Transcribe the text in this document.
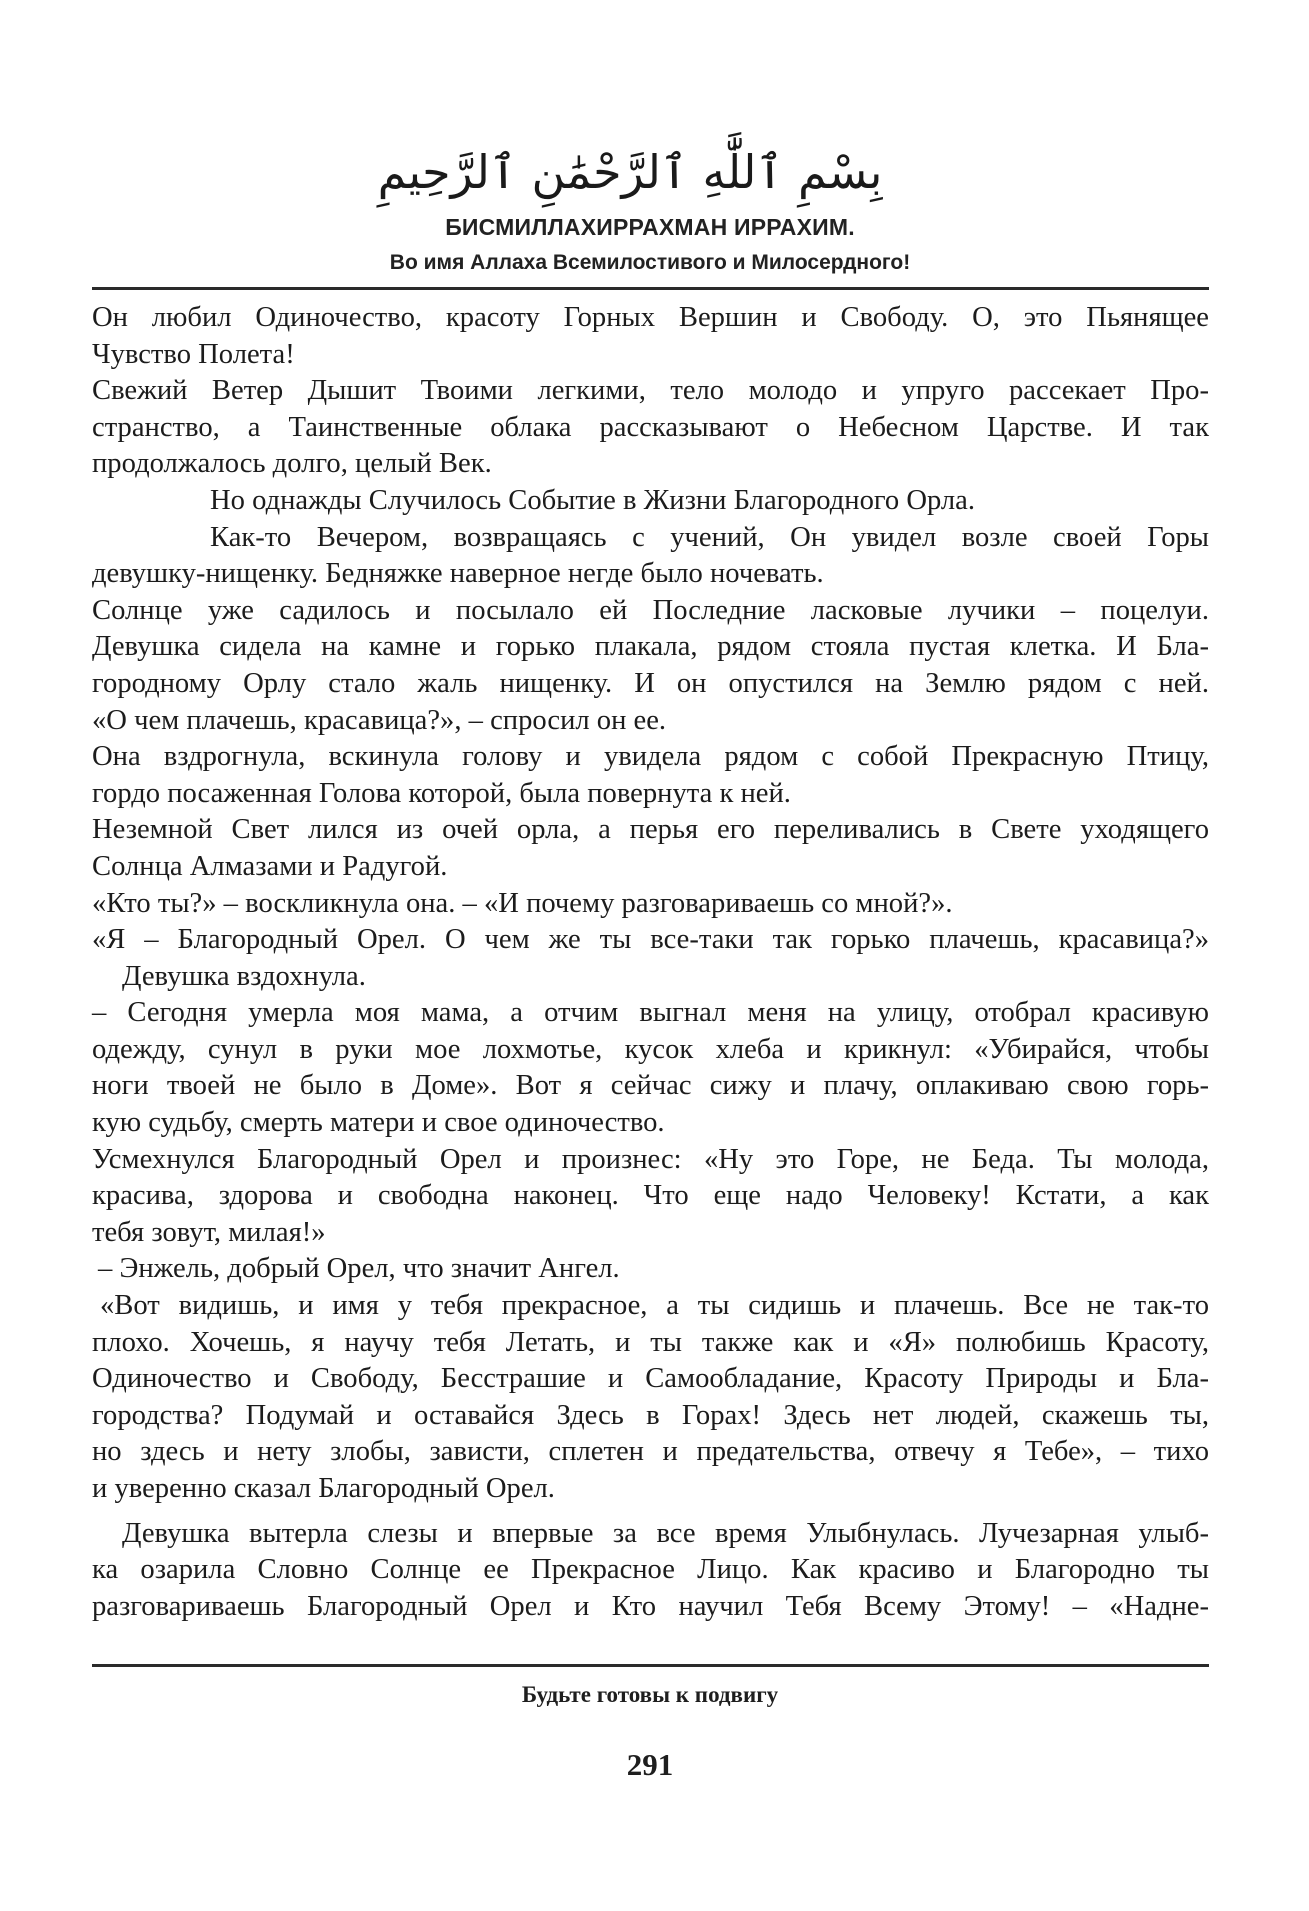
بِسْمِ ٱللَّٰهِ ٱلرَّحْمَٰنِ ٱلرَّحِيمِ
БИСМИЛЛАХИРРАХМАН ИРРАХИМ.
Во имя Аллаха Всемилостивого и Милосердного!
Он любил Одиночество, красоту Горных Вершин и Свободу. О, это Пьянящее
Чувство Полета!
Свежий Ветер Дышит Твоими легкими, тело молодо и упруго рассекает Про-
странство, а Таинственные облака рассказывают о Небесном Царстве. И так
продолжалось долго, целый Век.
Но однажды Случилось Событие в Жизни Благородного Орла.
Как-то Вечером, возвращаясь с учений, Он увидел возле своей Горы
девушку-нищенку. Бедняжке наверное негде было ночевать.
Солнце уже садилось и посылало ей Последние ласковые лучики – поцелуи.
Девушка сидела на камне и горько плакала, рядом стояла пустая клетка. И Бла-
городному Орлу стало жаль нищенку. И он опустился на Землю рядом с ней.
«О чем плачешь, красавица?», – спросил он ее.
Она вздрогнула, вскинула голову и увидела рядом с собой Прекрасную Птицу,
гордо посаженная Голова которой, была повернута к ней.
Неземной Свет лился из очей орла, а перья его переливались в Свете уходящего
Солнца Алмазами и Радугой.
«Кто ты?» – воскликнула она. – «И почему разговариваешь со мной?».
«Я – Благородный Орел. О чем же ты все-таки так горько плачешь, красавица?»
Девушка вздохнула.
– Сегодня умерла моя мама, а отчим выгнал меня на улицу, отобрал красивую
одежду, сунул в руки мое лохмотье, кусок хлеба и крикнул: «Убирайся, чтобы
ноги твоей не было в Доме». Вот я сейчас сижу и плачу, оплакиваю свою горь-
кую судьбу, смерть матери и свое одиночество.
Усмехнулся Благородный Орел и произнес: «Ну это Горе, не Беда. Ты молода,
красива, здорова и свободна наконец. Что еще надо Человеку! Кстати, а как
тебя зовут, милая!»
– Энжель, добрый Орел, что значит Ангел.
«Вот видишь, и имя у тебя прекрасное, а ты сидишь и плачешь. Все не так-то
плохо. Хочешь, я научу тебя Летать, и ты также как и «Я» полюбишь Красоту,
Одиночество и Свободу, Бесстрашие и Самообладание, Красоту Природы и Бла-
городства? Подумай и оставайся Здесь в Горах! Здесь нет людей, скажешь ты,
но здесь и нету злобы, зависти, сплетен и предательства, отвечу я Тебе», – тихо
и уверенно сказал Благородный Орел.
Девушка вытерла слезы и впервые за все время Улыбнулась. Лучезарная улыб-
ка озарила Словно Солнце ее Прекрасное Лицо. Как красиво и Благородно ты
разговариваешь Благородный Орел и Кто научил Тебя Всему Этому! – «Надне-
Будьте готовы к подвигу
291
